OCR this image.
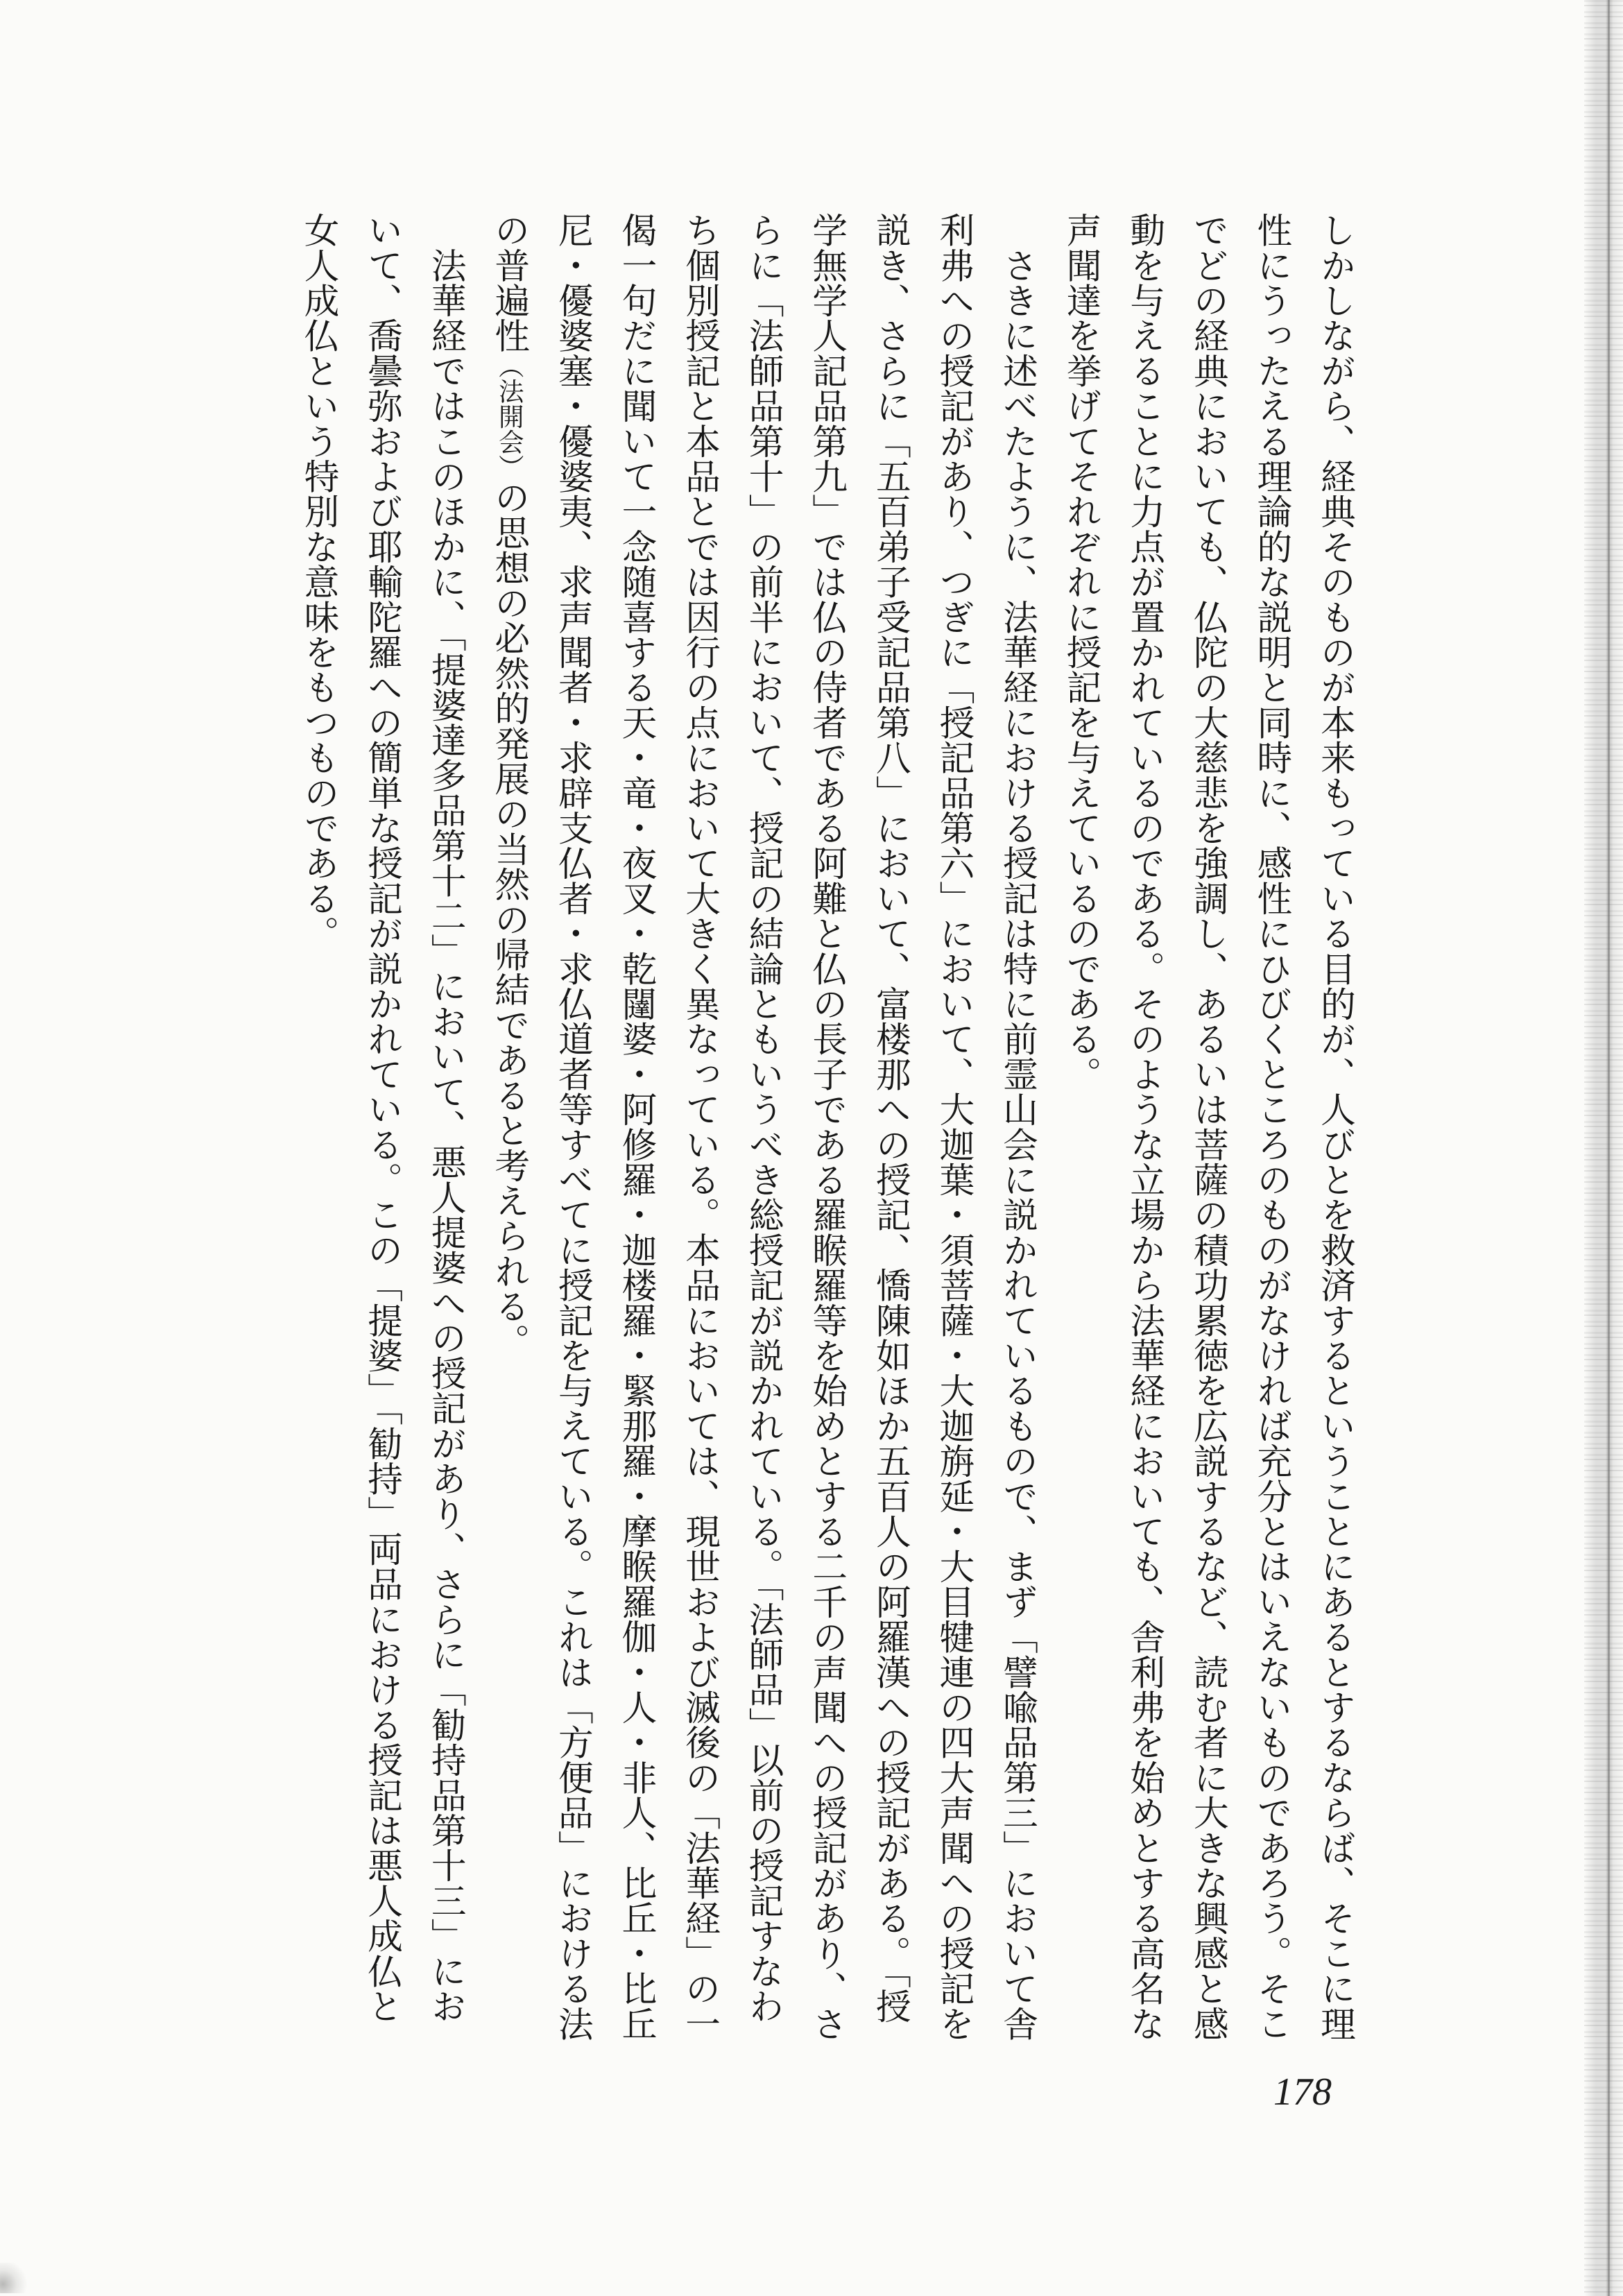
しかしながら、経典そのものが本来もっている目的が、人びとを救済するということにあるとするならば、そこに理
性にうったえる理論的な説明と同時に、感性にひびくところのものがなければ充分とはいえないものであろう。そこ
でどの経典においても、仏陀の大慈悲を強調し、あるいは菩薩の積功累徳を広説するなど、読む者に大きな興感と感
動を与えることに力点が置かれているのである。そのような立場から法華経においても、舎利弗を始めとする高名な
声聞達を挙げてそれぞれに授記を与えているのである。
　さきに述べたように、法華経における授記は特に前霊山会に説かれているもので、まず「譬喩品第三」において舎
利弗への授記があり、つぎに「授記品第六」において、大迦葉・須菩薩・大迦旃延・大目犍連の四大声聞への授記を
説き、さらに「五百弟子受記品第八」において、富楼那への授記、憍陳如ほか五百人の阿羅漢への授記がある。「授
学無学人記品第九」では仏の侍者である阿難と仏の長子である羅睺羅等を始めとする二千の声聞への授記があり、さ
らに「法師品第十」の前半において、授記の結論ともいうべき総授記が説かれている。「法師品」以前の授記すなわ
ち個別授記と本品とでは因行の点において大きく異なっている。本品においては、現世および滅後の「法華経」の一
偈一句だに聞いて一念随喜する天・竜・夜叉・乾闥婆・阿修羅・迦楼羅・緊那羅・摩睺羅伽・人・非人、比丘・比丘
尼・優婆塞・優婆夷、求声聞者・求辟支仏者・求仏道者等すべてに授記を与えている。これは「方便品」における法
の普遍性（法開会）の思想の必然的発展の当然の帰結であると考えられる。
　法華経ではこのほかに、「提婆達多品第十二」において、悪人提婆への授記があり、さらに「勧持品第十三」にお
いて、喬曇弥および耶輸陀羅への簡単な授記が説かれている。この「提婆」「勧持」両品における授記は悪人成仏と
女人成仏という特別な意味をもつものである。
178
